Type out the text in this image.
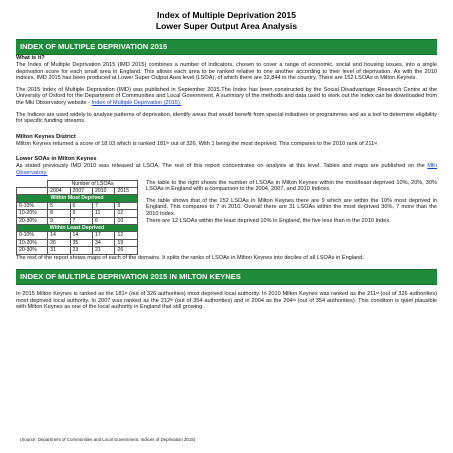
Index of Multiple Deprivation 2015
Lower Super Output Area Analysis
INDEX OF MULTIPLE DEPRIVATION 2015
What is it?

The Index of Multiple Deprivation 2015 (IMD 2015) combines a number of indicators, chosen to cover a range of economic, social and housing issues, into a single deprivation score for each small area in England. This allows each area to be ranked relative to one another according to their level of deprivation. As with the 2010 indices, IMD 2015 has been produced at Lower Super Output Area level (LSOA), of which there are 32,844 in the country. There are 152 LSOAs in Milton Keynes.

The 2015 Index of Multiple Deprivation (IMD) was published in September 2015.The Index has been constructed by the Social Disadvantage Research Centre at the University of Oxford for the Department of Communities and Local Government. A summary of the methods and data used to work out the index can be downloaded from the Mki Observatory website - Index of Multiple Deprivation (2015).

The Indices are used widely to analyse patterns of deprivation, identify areas that would benefit from special initiatives or programmes and as a tool to determine eligibility for specific funding streams.

Milton Keynes District

Milton Keynes returned a score of 18.03 which is ranked 181th out of 326. With 1 being the most deprived. This compares to the 2010 rank of 211st.

Lower SOAs in Milton Keynes

As stated previously IMD 2010 was released at LSOA. The rest of this report concentrates on analysis at this level. Tables and maps are published on the MKi Observatory.

	Number of LSOAs			
	2004	2007	2010	2015
Within Most Deprived				
0-10%	5	6	7	9
10-20%	8	9	11	12
20-30%	9	7	6	10
Within Least Deprived				
0-10%	14	14	17	12
10-20%	26	35	34	19
20-30%	31	23	21	26

The table to the right shows the number of LSOAs in Milton Keynes within the most/least deprived 10%, 20%, 30% LSOAs in England with a comparison to the 2004, 2007, and 2010 Indices.

The table shows that of the 152 LSOAs in Milton Keynes there are 9 which are within the 10% most deprived in England. This compares to 7 in 2010. Overall there are 31 LSOAs within the most deprived 30%, 7 more than the 2010 Index.

There are 12 LSOAs within the least deprived 10% in England, the five less than in the 2010 Index.

The rest of the report shows maps of each of the domains. It splits the ranks of LSOAs in Milton Keynes into deciles of all LSOAs in England.

INDEX OF MULTIPLE DEPRIVATION 2015 IN MILTON KEYNES

In 2015 Milton Keynes is ranked as the 181st (out of 326 authorities) most deprived local authority. In 2010 Milton Keynes was ranked as the 211st (out of 326 authorities) most deprived local authority. In 2007 was ranked as the 212th (out of 354 authorities) and in 2004 as the 204th (out of 354 authorities). This condition is quiet plausible with Milton Keynes as one of the local authority in England that still growing.

(Source: Department of Communities and Local Government, Indices of Deprivation 2015)
